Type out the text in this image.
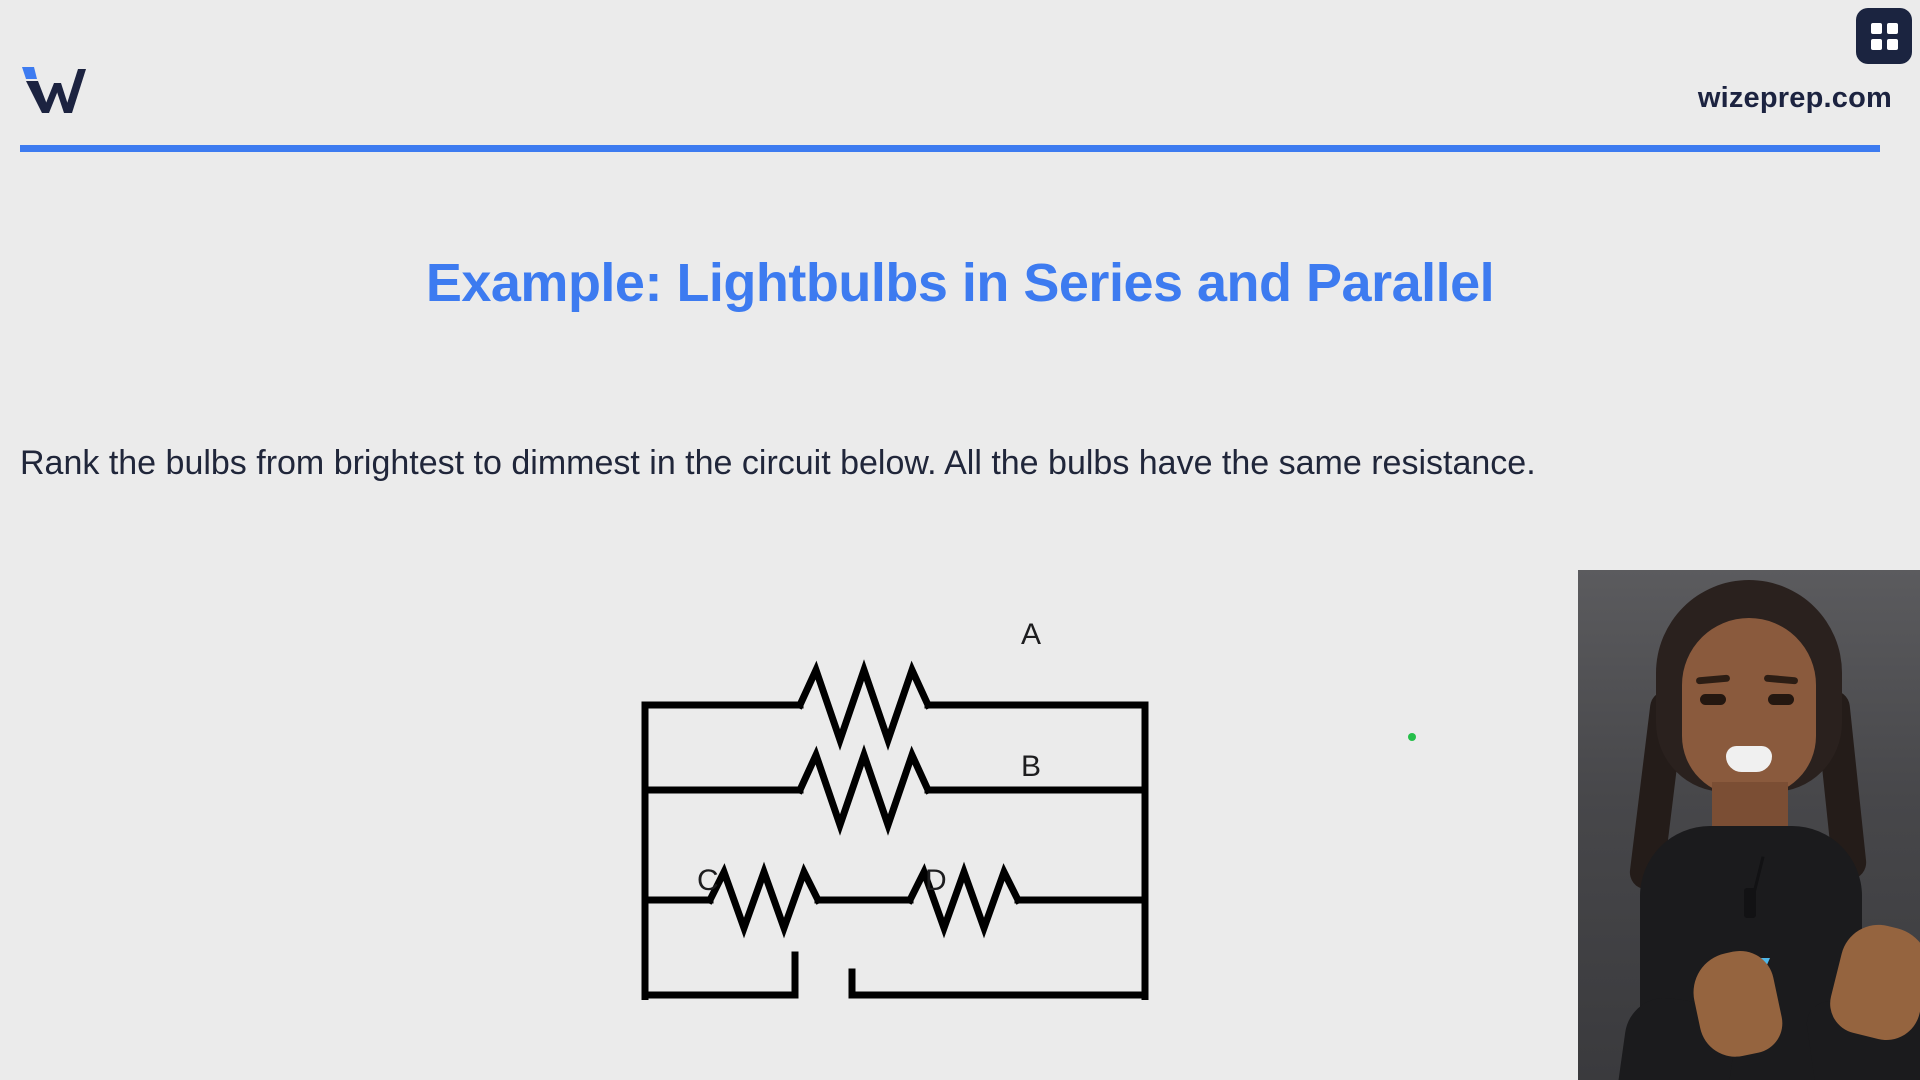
wizeprep.com
Example: Lightbulbs in Series and Parallel
Rank the bulbs from brightest to dimmest in the circuit below. All the bulbs have the same resistance.
A
B
C	D
